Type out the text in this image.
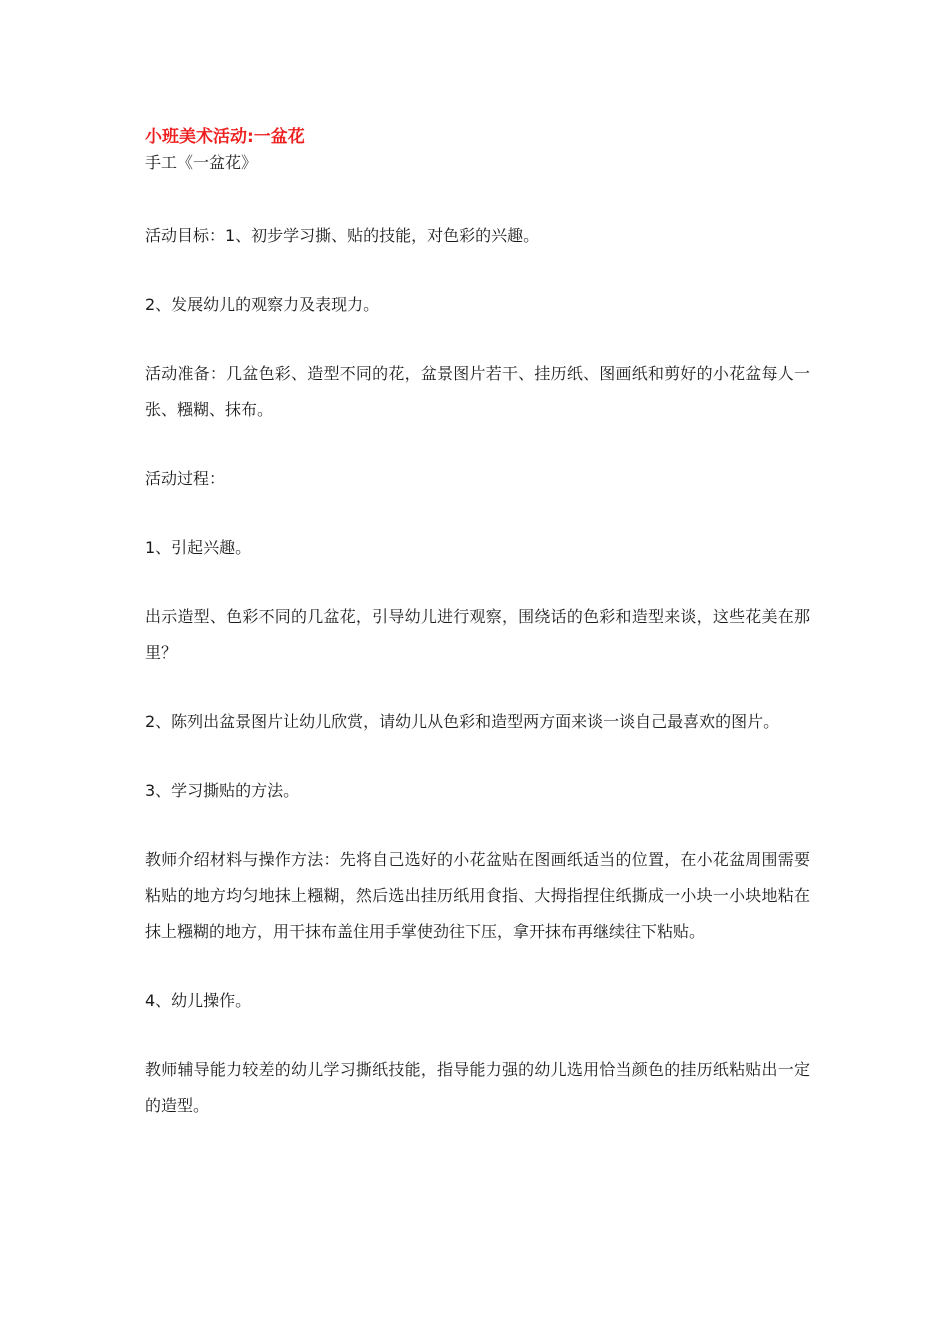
小班美术活动:一盆花
手工《一盆花》

活动目标：1、初步学习撕、贴的技能，对色彩的兴趣。

2、发展幼儿的观察力及表现力。

活动准备：几盆色彩、造型不同的花，盆景图片若干、挂历纸、图画纸和剪好的小花盆每人一张、糨糊、抹布。

活动过程：

1、引起兴趣。

出示造型、色彩不同的几盆花，引导幼儿进行观察，围绕话的色彩和造型来谈，这些花美在那里？

2、陈列出盆景图片让幼儿欣赏，请幼儿从色彩和造型两方面来谈一谈自己最喜欢的图片。

3、学习撕贴的方法。

教师介绍材料与操作方法：先将自己选好的小花盆贴在图画纸适当的位置，在小花盆周围需要粘贴的地方均匀地抹上糨糊，然后选出挂历纸用食指、大拇指捏住纸撕成一小块一小块地粘在抹上糨糊的地方，用干抹布盖住用手掌使劲往下压，拿开抹布再继续往下粘贴。

4、幼儿操作。

教师辅导能力较差的幼儿学习撕纸技能，指导能力强的幼儿选用恰当颜色的挂历纸粘贴出一定的造型。
